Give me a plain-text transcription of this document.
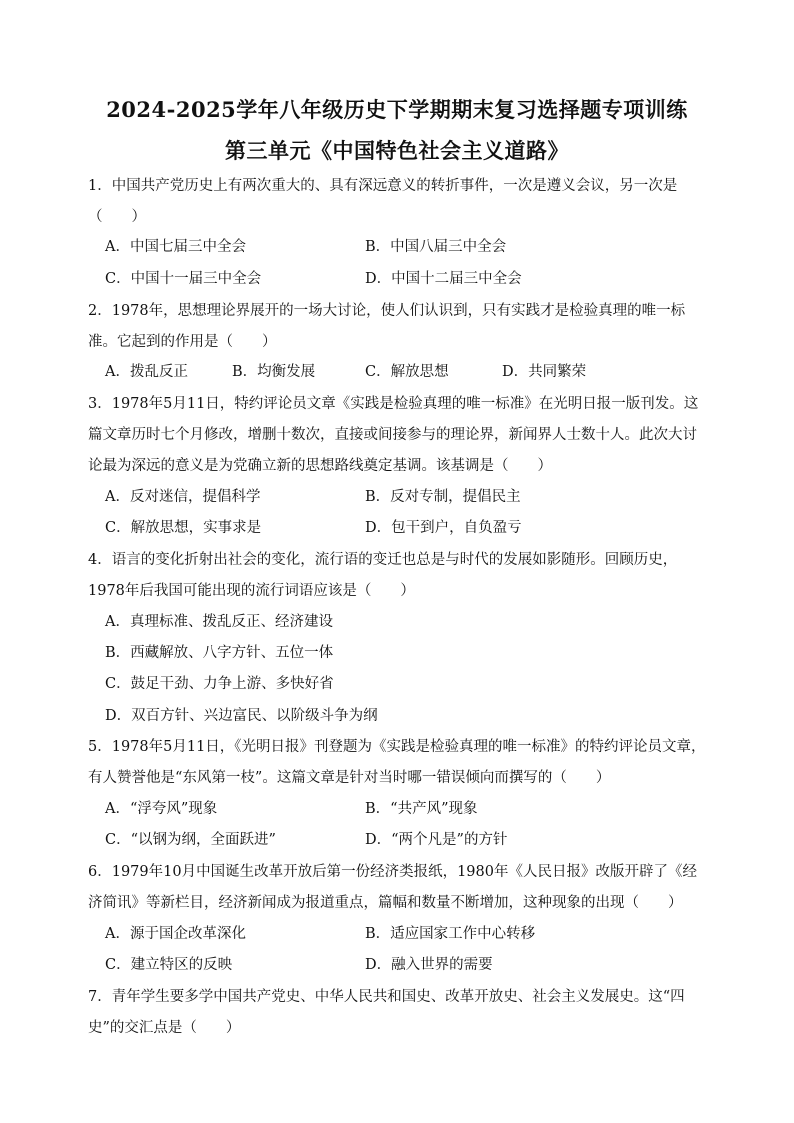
2024-2025学年八年级历史下学期期末复习选择题专项训练
第三单元《中国特色社会主义道路》
1．中国共产党历史上有两次重大的、具有深远意义的转折事件，一次是遵义会议，另一次是（　　）
A．中国七届三中全会	B．中国八届三中全会
C．中国十一届三中全会	D．中国十二届三中全会
2．1978年，思想理论界展开的一场大讨论，使人们认识到，只有实践才是检验真理的唯一标准。它起到的作用是（　　）
A．拨乱反正	B．均衡发展	C．解放思想	D．共同繁荣
3．1978年5月11日，特约评论员文章《实践是检验真理的唯一标准》在光明日报一版刊发。这篇文章历时七个月修改，增删十数次，直接或间接参与的理论界，新闻界人士数十人。此次大讨论最为深远的意义是为党确立新的思想路线奠定基调。该基调是（　　）
A．反对迷信，提倡科学	B．反对专制，提倡民主
C．解放思想，实事求是	D．包干到户，自负盈亏
4．语言的变化折射出社会的变化，流行语的变迁也总是与时代的发展如影随形。回顾历史，1978年后我国可能出现的流行词语应该是（　　）
A．真理标准、拨乱反正、经济建设
B．西藏解放、八字方针、五位一体
C．鼓足干劲、力争上游、多快好省
D．双百方针、兴边富民、以阶级斗争为纲
5．1978年5月11日，《光明日报》刊登题为《实践是检验真理的唯一标准》的特约评论员文章，有人赞誉他是“东风第一枝”。这篇文章是针对当时哪一错误倾向而撰写的（　　）
A．“浮夸风”现象	B．“共产风”现象
C．“以钢为纲，全面跃进”	D．“两个凡是”的方针
6．1979年10月中国诞生改革开放后第一份经济类报纸，1980年《人民日报》改版开辟了《经济简讯》等新栏目，经济新闻成为报道重点，篇幅和数量不断增加，这种现象的出现（　　）
A．源于国企改革深化	B．适应国家工作中心转移
C．建立特区的反映	D．融入世界的需要
7．青年学生要多学中国共产党史、中华人民共和国史、改革开放史、社会主义发展史。这“四史”的交汇点是（　　）
